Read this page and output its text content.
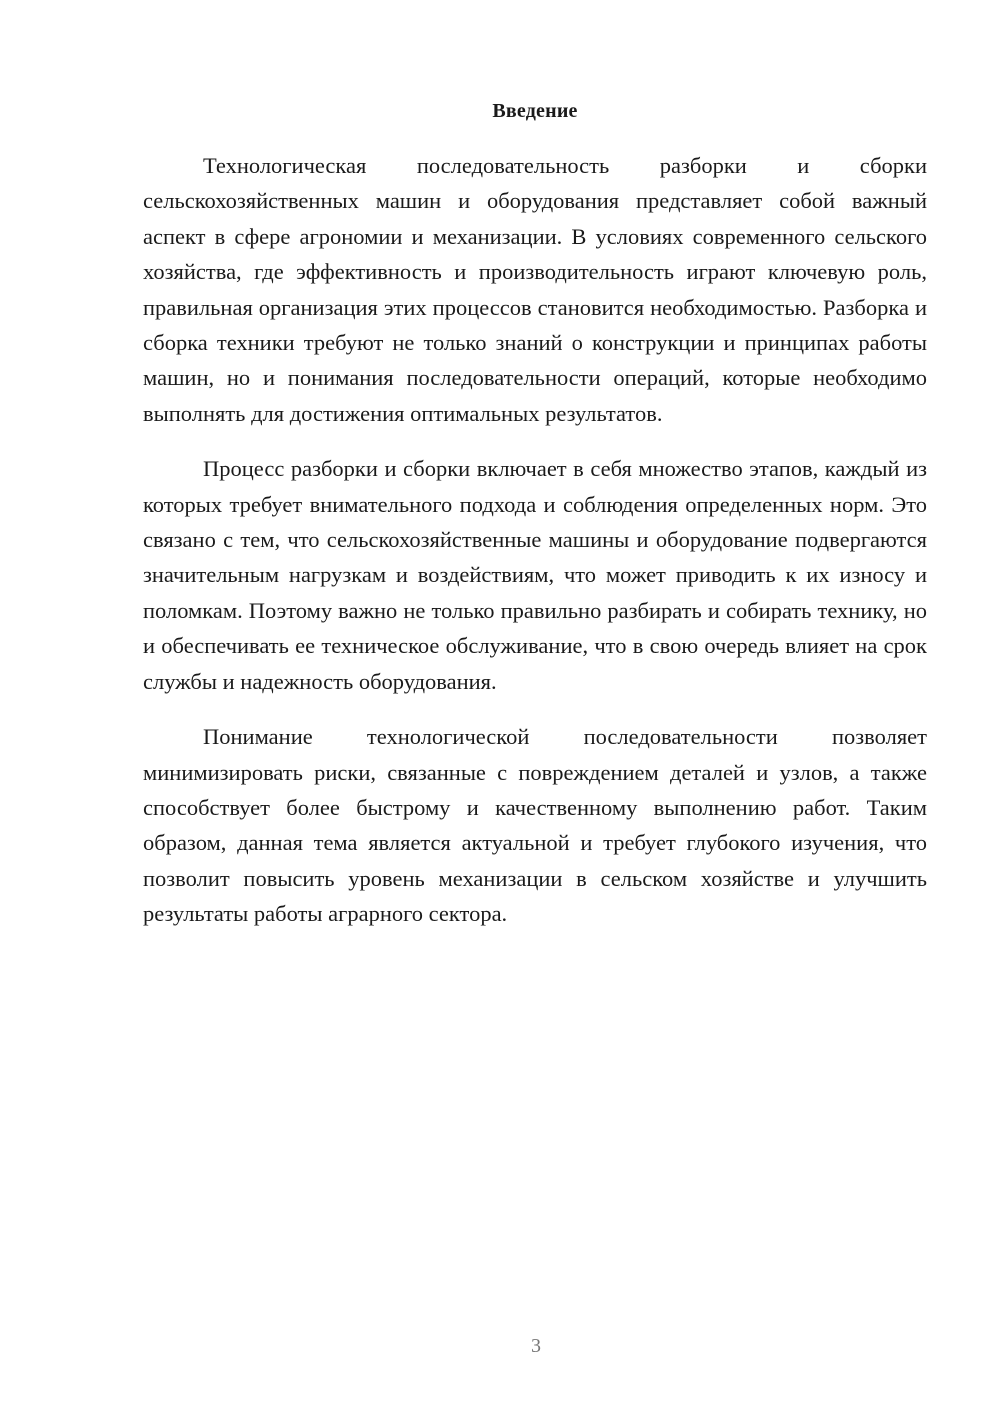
Введение

Технологическая последовательность разборки и сборки сельскохозяйственных машин и оборудования представляет собой важный аспект в сфере агрономии и механизации. В условиях современного сельского хозяйства, где эффективность и производительность играют ключевую роль, правильная организация этих процессов становится необходимостью. Разборка и сборка техники требуют не только знаний о конструкции и принципах работы машин, но и понимания последовательности операций, которые необходимо выполнять для достижения оптимальных результатов.

Процесс разборки и сборки включает в себя множество этапов, каждый из которых требует внимательного подхода и соблюдения определенных норм. Это связано с тем, что сельскохозяйственные машины и оборудование подвергаются значительным нагрузкам и воздействиям, что может приводить к их износу и поломкам. Поэтому важно не только правильно разбирать и собирать технику, но и обеспечивать ее техническое обслуживание, что в свою очередь влияет на срок службы и надежность оборудования.

Понимание технологической последовательности позволяет минимизировать риски, связанные с повреждением деталей и узлов, а также способствует более быстрому и качественному выполнению работ. Таким образом, данная тема является актуальной и требует глубокого изучения, что позволит повысить уровень механизации в сельском хозяйстве и улучшить результаты работы аграрного сектора.

3
